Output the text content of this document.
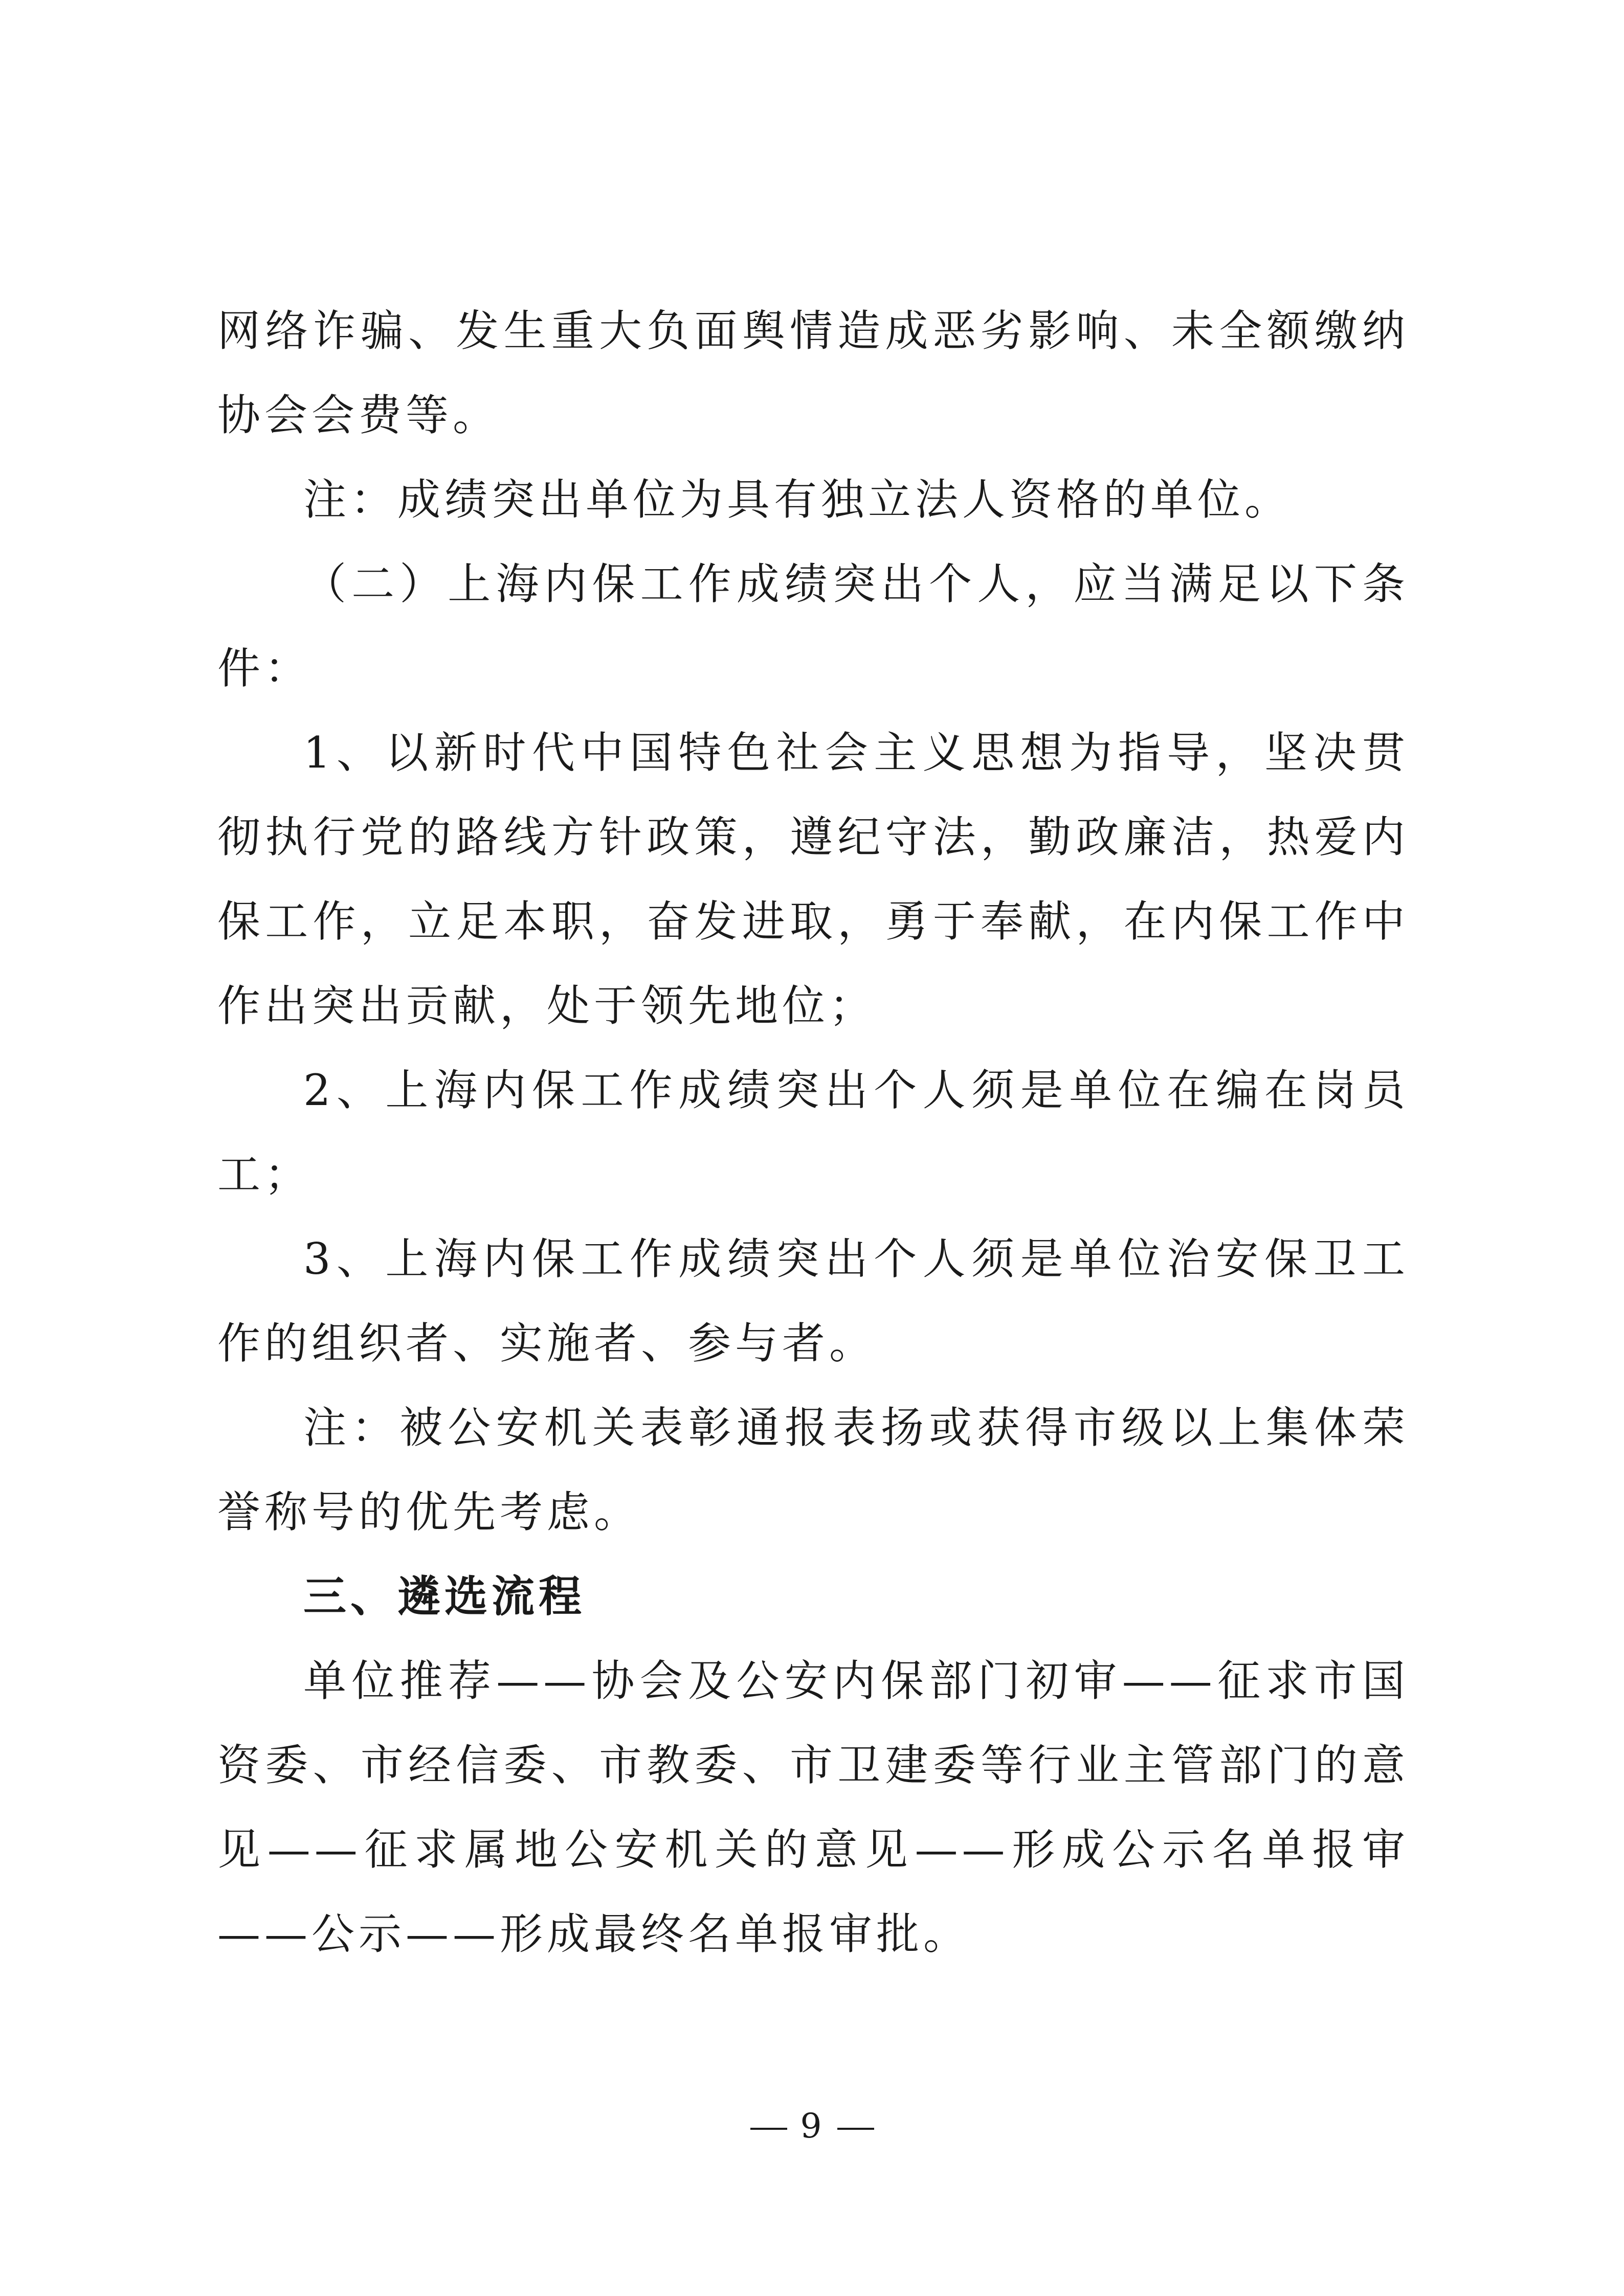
网络诈骗、发生重大负面舆情造成恶劣影响、未全额缴纳协会会费等。

注：成绩突出单位为具有独立法人资格的单位。

（二）上海内保工作成绩突出个人，应当满足以下条件：

1、以新时代中国特色社会主义思想为指导，坚决贯彻执行党的路线方针政策，遵纪守法，勤政廉洁，热爱内保工作，立足本职，奋发进取，勇于奉献，在内保工作中作出突出贡献，处于领先地位；

2、上海内保工作成绩突出个人须是单位在编在岗员工；

3、上海内保工作成绩突出个人须是单位治安保卫工作的组织者、实施者、参与者。

注：被公安机关表彰通报表扬或获得市级以上集体荣誉称号的优先考虑。

三、遴选流程

单位推荐——协会及公安内保部门初审——征求市国资委、市经信委、市教委、市卫建委等行业主管部门的意见——征求属地公安机关的意见——形成公示名单报审——公示——形成最终名单报审批。

9
